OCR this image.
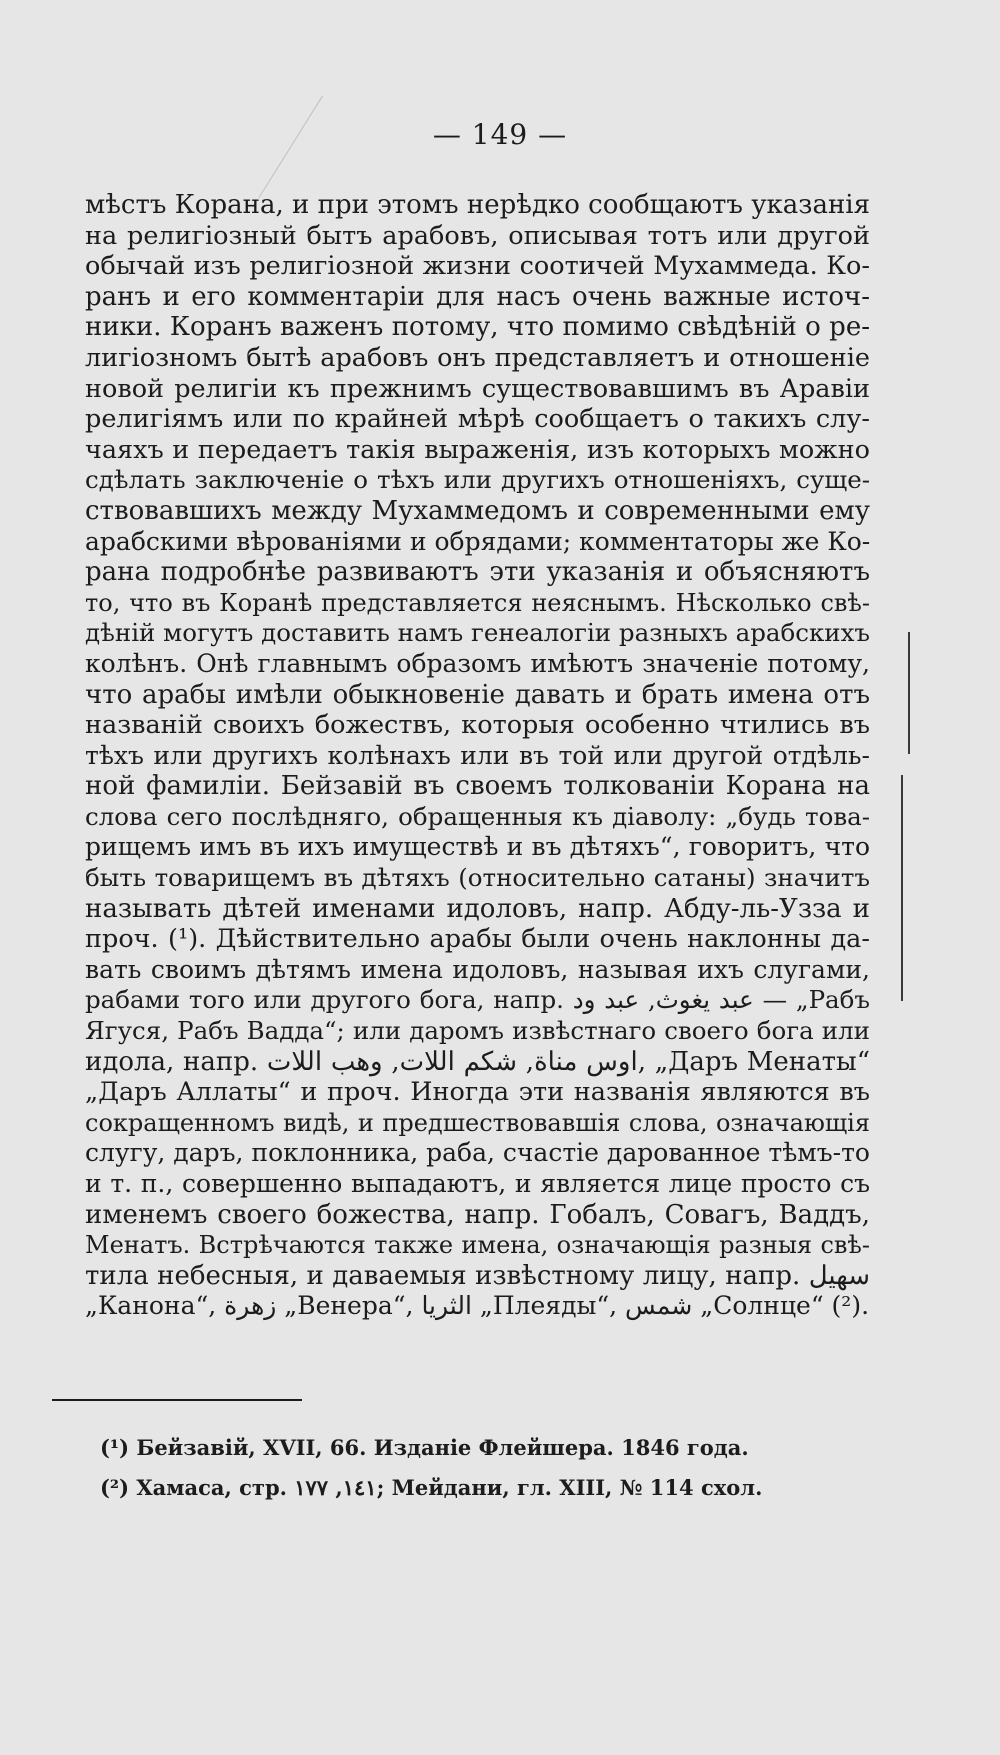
— 149 —
мѣстъ Корана, и при этомъ нерѣдко сообщаютъ указанія
на религіозный бытъ арабовъ, описывая тотъ или другой
обычай изъ религіозной жизни соотичей Мухаммеда. Ко-
ранъ и его комментаріи для насъ очень важные источ-
ники. Коранъ важенъ потому, что помимо свѣдѣній о ре-
лигіозномъ бытѣ арабовъ онъ представляетъ и отношеніе
новой религіи къ прежнимъ существовавшимъ въ Аравіи
религіямъ или по крайней мѣрѣ сообщаетъ о такихъ слу-
чаяхъ и передаетъ такія выраженія, изъ которыхъ можно
сдѣлать заключеніе о тѣхъ или другихъ отношеніяхъ, суще-
ствовавшихъ между Мухаммедомъ и современными ему
арабскими вѣрованіями и обрядами; комментаторы же Ко-
рана подробнѣе развиваютъ эти указанія и объясняютъ
то, что въ Коранѣ представляется неяснымъ. Нѣсколько свѣ-
дѣній могутъ доставить намъ генеалогіи разныхъ арабскихъ
колѣнъ. Онѣ главнымъ образомъ имѣютъ значеніе потому,
что арабы имѣли обыкновеніе давать и брать имена отъ
названій своихъ божествъ, которыя особенно чтились въ
тѣхъ или другихъ колѣнахъ или въ той или другой отдѣль-
ной фамиліи. Бейзавій въ своемъ толкованіи Корана на
слова сего послѣдняго, обращенныя къ діаволу: „будь това-
рищемъ имъ въ ихъ имуществѣ и въ дѣтяхъ“, говоритъ, что
быть товарищемъ въ дѣтяхъ (относительно сатаны) значитъ
называть дѣтей именами идоловъ, напр. Абду-ль-Узза и
проч. (¹). Дѣйствительно арабы были очень наклонны да-
вать своимъ дѣтямъ имена идоловъ, называя ихъ слугами,
рабами того или другого бога, напр. عبد يغوث, عبد ود — „Рабъ
Ягуся, Рабъ Вадда“; или даромъ извѣстнаго своего бога или
идола, напр. اوس مناة, شكم اللات, وهب اللات, „Даръ Менаты“
„Даръ Аллаты“ и проч. Иногда эти названія являются въ
сокращенномъ видѣ, и предшествовавшія слова, означающія
слугу, даръ, поклонника, раба, счастіе дарованное тѣмъ-то
и т. п., совершенно выпадаютъ, и является лице просто съ
именемъ своего божества, напр. Гобалъ, Совагъ, Ваддъ,
Менатъ. Встрѣчаются также имена, означающія разныя свѣ-
тила небесныя, и даваемыя извѣстному лицу, напр. سهيل
„Канона“, زهرة „Венера“, الثريا „Плеяды“, شمس „Солнце“ (²).
(¹) Бейзавій, XVII, 66. Изданіе Флейшера. 1846 года.
(²) Хамаса, стр. ١٤١, ١٧٧; Мейдани, гл. XIII, № 114 схол.
